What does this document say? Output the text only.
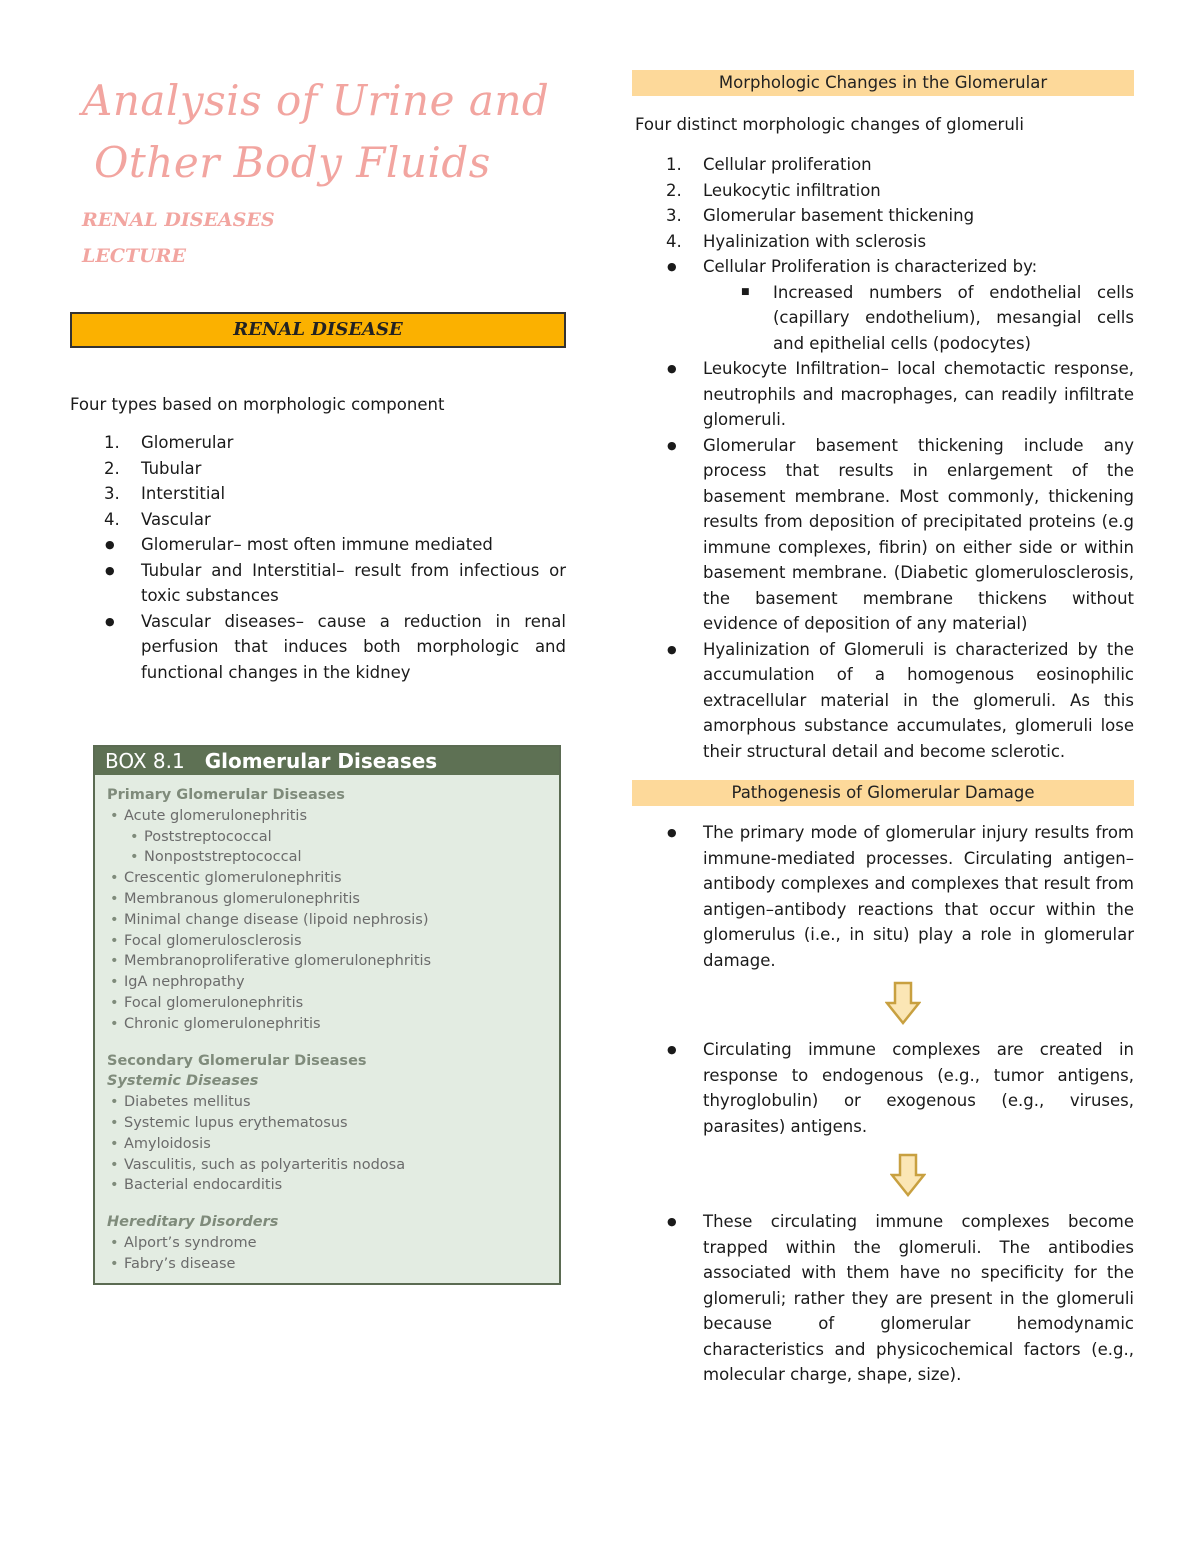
Analysis of Urine and
Other Body Fluids
RENAL DISEASES
LECTURE
RENAL DISEASE
Four types based on morphologic component
1. Glomerular
2. Tubular
3. Interstitial
4. Vascular
● Glomerular– most often immune mediated
● Tubular and Interstitial– result from infectious or toxic substances
● Vascular diseases– cause a reduction in renal perfusion that induces both morphologic and functional changes in the kidney
BOX 8.1 Glomerular Diseases
Primary Glomerular Diseases
• Acute glomerulonephritis
• Poststreptococcal
• Nonpoststreptococcal
• Crescentic glomerulonephritis
• Membranous glomerulonephritis
• Minimal change disease (lipoid nephrosis)
• Focal glomerulosclerosis
• Membranoproliferative glomerulonephritis
• IgA nephropathy
• Focal glomerulonephritis
• Chronic glomerulonephritis
Secondary Glomerular Diseases
Systemic Diseases
• Diabetes mellitus
• Systemic lupus erythematosus
• Amyloidosis
• Vasculitis, such as polyarteritis nodosa
• Bacterial endocarditis
Hereditary Disorders
• Alport’s syndrome
• Fabry’s disease
Morphologic Changes in the Glomerular
Four distinct morphologic changes of glomeruli
1. Cellular proliferation
2. Leukocytic infiltration
3. Glomerular basement thickening
4. Hyalinization with sclerosis
● Cellular Proliferation is characterized by:
■ Increased numbers of endothelial cells (capillary endothelium), mesangial cells and epithelial cells (podocytes)
● Leukocyte Infiltration– local chemotactic response, neutrophils and macrophages, can readily infiltrate glomeruli.
● Glomerular basement thickening include any process that results in enlargement of the basement membrane. Most commonly, thickening results from deposition of precipitated proteins (e.g immune complexes, fibrin) on either side or within basement membrane. (Diabetic glomerulosclerosis, the basement membrane thickens without evidence of deposition of any material)
● Hyalinization of Glomeruli is characterized by the accumulation of a homogenous eosinophilic extracellular material in the glomeruli. As this amorphous substance accumulates, glomeruli lose their structural detail and become sclerotic.
Pathogenesis of Glomerular Damage
● The primary mode of glomerular injury results from immune-mediated processes. Circulating antigen–antibody complexes and complexes that result from antigen–antibody reactions that occur within the glomerulus (i.e., in situ) play a role in glomerular damage.
● Circulating immune complexes are created in response to endogenous (e.g., tumor antigens, thyroglobulin) or exogenous (e.g., viruses, parasites) antigens.
● These circulating immune complexes become trapped within the glomeruli. The antibodies associated with them have no specificity for the glomeruli; rather they are present in the glomeruli because of glomerular hemodynamic characteristics and physicochemical factors (e.g., molecular charge, shape, size).
